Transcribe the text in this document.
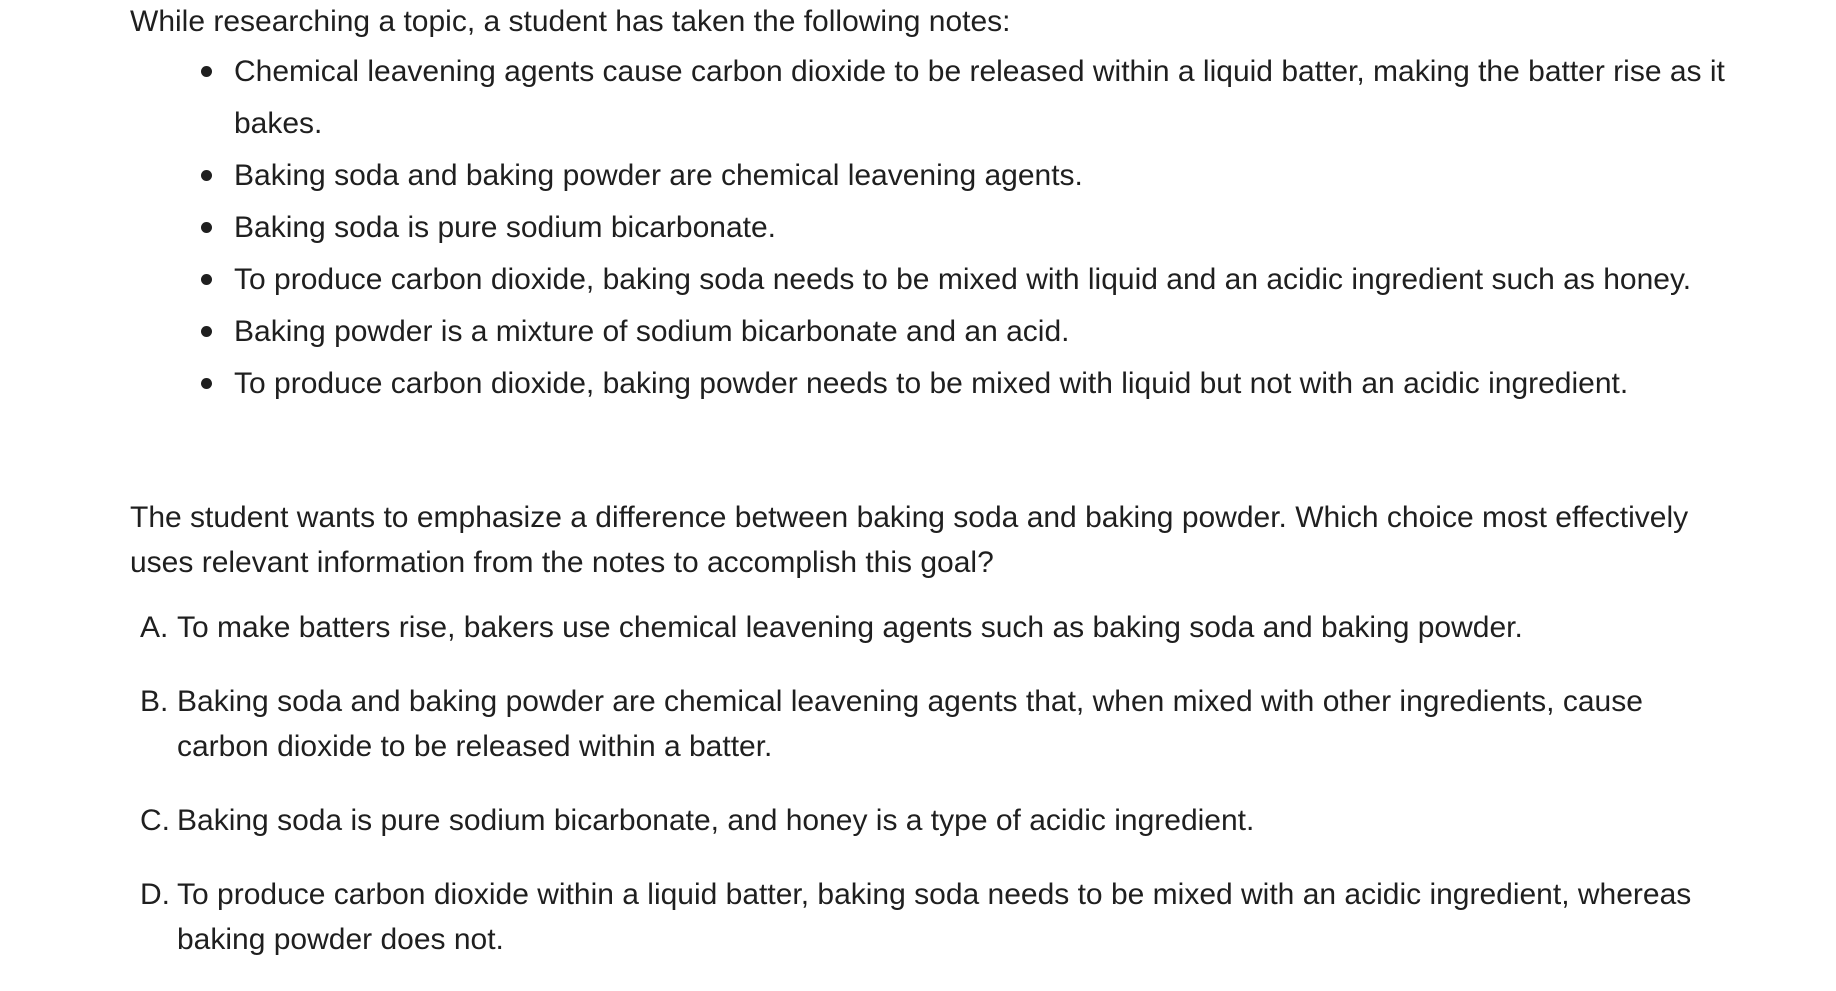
While researching a topic, a student has taken the following notes:

Chemical leavening agents cause carbon dioxide to be released within a liquid batter, making the batter rise as it bakes.
Baking soda and baking powder are chemical leavening agents.
Baking soda is pure sodium bicarbonate.
To produce carbon dioxide, baking soda needs to be mixed with liquid and an acidic ingredient such as honey.
Baking powder is a mixture of sodium bicarbonate and an acid.
To produce carbon dioxide, baking powder needs to be mixed with liquid but not with an acidic ingredient.

The student wants to emphasize a difference between baking soda and baking powder. Which choice most effectively uses relevant information from the notes to accomplish this goal?

A. To make batters rise, bakers use chemical leavening agents such as baking soda and baking powder.
B. Baking soda and baking powder are chemical leavening agents that, when mixed with other ingredients, cause carbon dioxide to be released within a batter.
C. Baking soda is pure sodium bicarbonate, and honey is a type of acidic ingredient.
D. To produce carbon dioxide within a liquid batter, baking soda needs to be mixed with an acidic ingredient, whereas baking powder does not.
